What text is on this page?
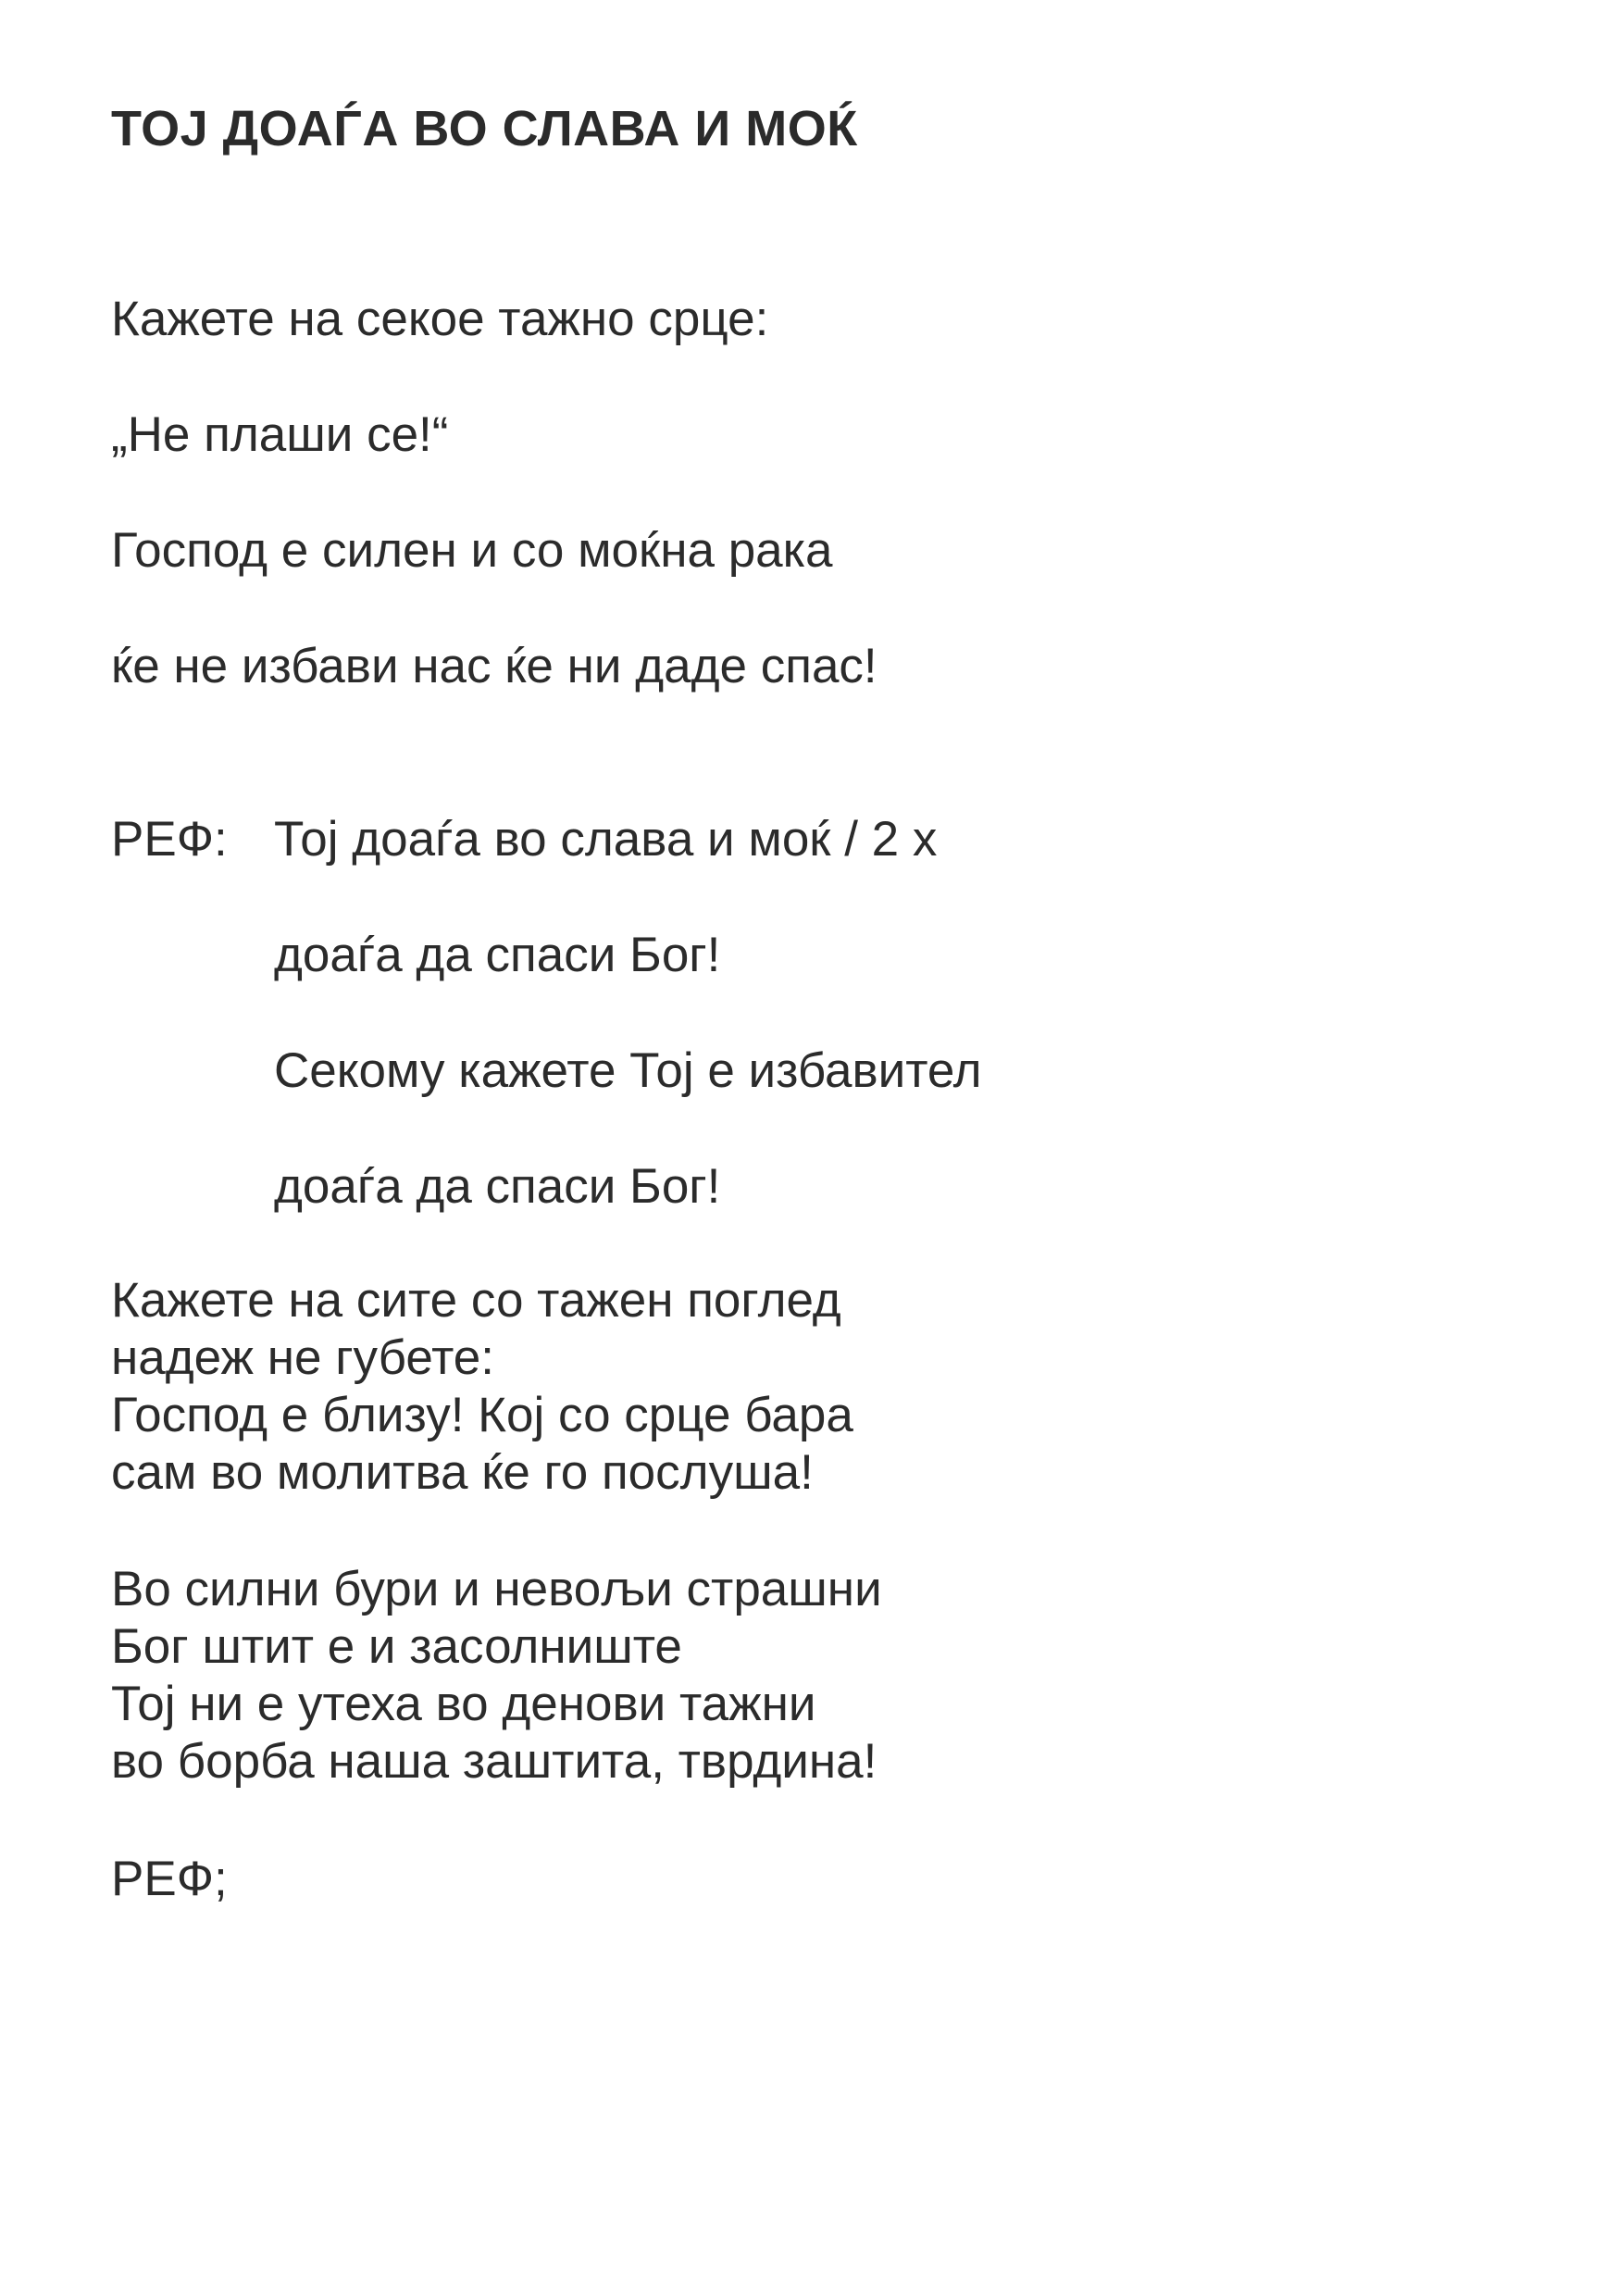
ТОЈ ДОАЃА ВО СЛАВА И МОЌ
Кажете на секое тажно срце:
„Не плаши се!“
Господ е силен и со моќна рака
ќе не избави нас ќе ни даде спас!
РЕФ: Тој доаѓа во слава и моќ / 2 х
доаѓа да спаси Бог!
Секому кажете Тој е избавител
доаѓа да спаси Бог!
Кажете на сите со тажен поглед
надеж не губете:
Господ е близу! Кој со срце бара
сам во молитва ќе го послуша!
Во силни бури и невољи страшни
Бог штит е и засолниште
Тој ни е утеха во денови тажни
во борба наша заштита, тврдина!
РЕФ;
